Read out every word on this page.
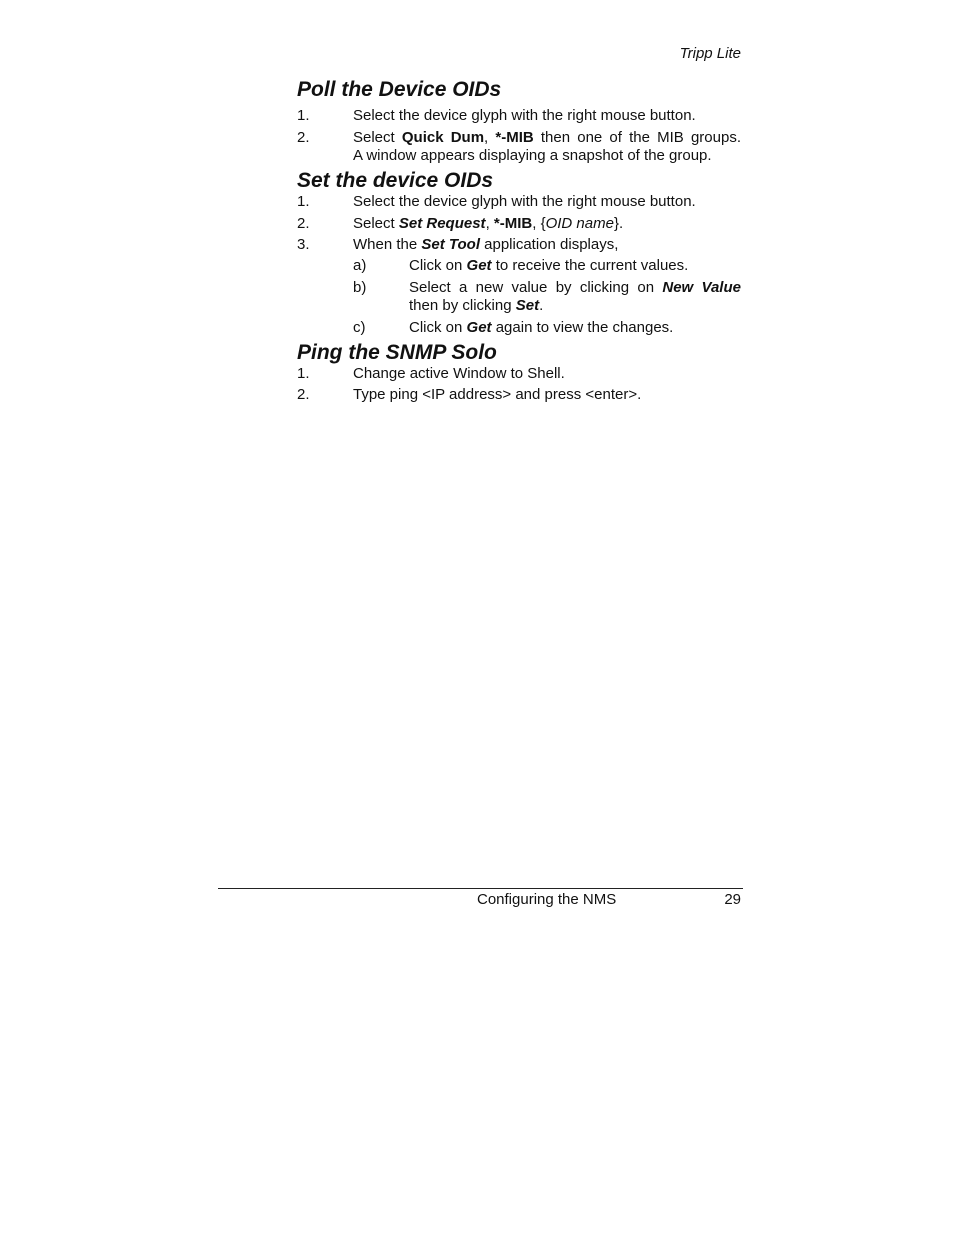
Tripp Lite
Poll the Device OIDs
1.	Select the device glyph with the right mouse button.
2.	Select Quick Dum, *-MIB then one of the MIB groups.
A window appears displaying a snapshot of the group.
Set the device OIDs
1.	Select the device glyph with the right mouse button.
2.	Select Set Request, *-MIB, {OID name}.
3.	When the Set Tool application displays,
a)	Click on Get to receive the current values.
b)	Select a new value by clicking on New Value
then by clicking Set.
c)	Click on Get again to view the changes.
Ping the SNMP Solo
1.	Change active Window to Shell.
2.	Type ping <IP address> and press <enter>.
Configuring the NMS	29
